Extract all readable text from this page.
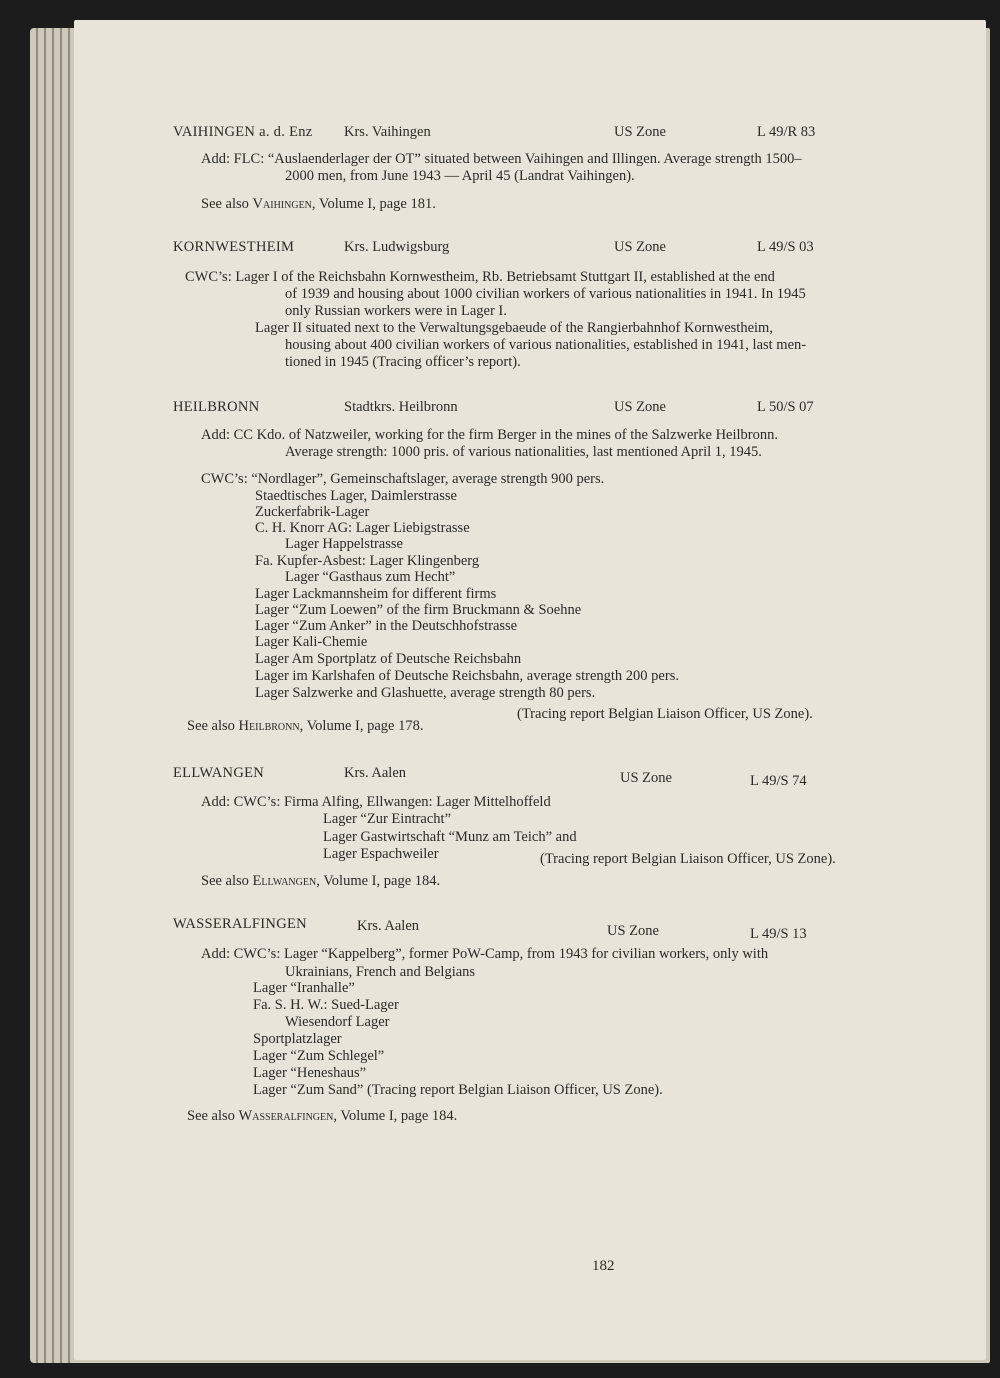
VAIHINGEN a. d. Enz Krs. Vaihingen	US Zone	L 49/R 83
Add: FLC: “Auslaenderlager der OT” situated between Vaihingen and Illingen. Average strength 1500–
2000 men, from June 1943 — April 45 (Landrat Vaihingen).
See also Vaihingen, Volume I, page 181.
KORNWESTHEIM	Krs. Ludwigsburg	US Zone	L 49/S 03
CWC’s: Lager I of the Reichsbahn Kornwestheim, Rb. Betriebsamt Stuttgart II, established at the end
of 1939 and housing about 1000 civilian workers of various nationalities in 1941. In 1945
only Russian workers were in Lager I.
Lager II situated next to the Verwaltungsgebaeude of the Rangierbahnhof Kornwestheim,
housing about 400 civilian workers of various nationalities, established in 1941, last men-
tioned in 1945 (Tracing officer’s report).
HEILBRONN	Stadtkrs. Heilbronn	US Zone	L 50/S 07
Add: CC Kdo. of Natzweiler, working for the firm Berger in the mines of the Salzwerke Heilbronn.
Average strength: 1000 pris. of various nationalities, last mentioned April 1, 1945.
CWC’s: “Nordlager”, Gemeinschaftslager, average strength 900 pers.
Staedtisches Lager, Daimlerstrasse
Zuckerfabrik-Lager
C. H. Knorr AG: Lager Liebigstrasse
Lager Happelstrasse
Fa. Kupfer-Asbest: Lager Klingenberg
Lager “Gasthaus zum Hecht”
Lager Lackmannsheim for different firms
Lager “Zum Loewen” of the firm Bruckmann & Soehne
Lager “Zum Anker” in the Deutschhofstrasse
Lager Kali-Chemie
Lager Am Sportplatz of Deutsche Reichsbahn
Lager im Karlshafen of Deutsche Reichsbahn, average strength 200 pers.
Lager Salzwerke and Glashuette, average strength 80 pers.
(Tracing report Belgian Liaison Officer, US Zone).
See also Heilbronn, Volume I, page 178.
ELLWANGEN	Krs. Aalen	US Zone	L 49/S 74
Add: CWC’s: Firma Alfing, Ellwangen: Lager Mittelhoffeld
Lager “Zur Eintracht”
Lager Gastwirtschaft “Munz am Teich” and
Lager Espachweiler	(Tracing report Belgian Liaison Officer, US Zone).
See also Ellwangen, Volume I, page 184.
WASSERALFINGEN	Krs. Aalen	US Zone	L 49/S 13
Add: CWC’s: Lager “Kappelberg”, former PoW-Camp, from 1943 for civilian workers, only with
Ukrainians, French and Belgians
Lager “Iranhalle”
Fa. S. H. W.: Sued-Lager
Wiesendorf Lager
Sportplatzlager
Lager “Zum Schlegel”
Lager “Heneshaus”
Lager “Zum Sand” (Tracing report Belgian Liaison Officer, US Zone).
See also Wasseralfingen, Volume I, page 184.
182
